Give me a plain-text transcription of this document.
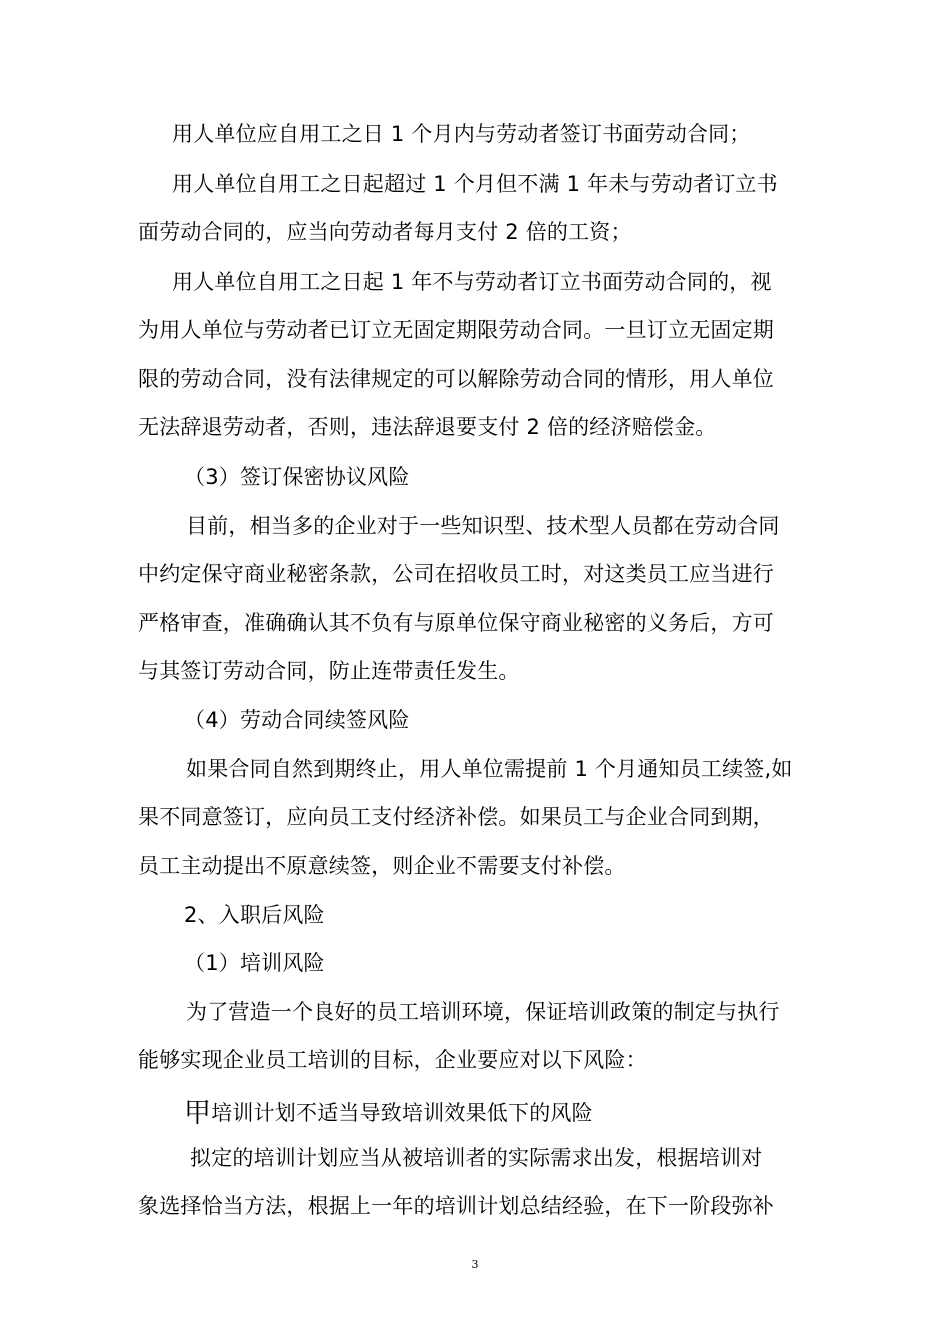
用人单位应自用工之日 1 个月内与劳动者签订书面劳动合同；
用人单位自用工之日起超过 1 个月但不满 1 年未与劳动者订立书
面劳动合同的，应当向劳动者每月支付 2 倍的工资；
用人单位自用工之日起 1 年不与劳动者订立书面劳动合同的，视
为用人单位与劳动者已订立无固定期限劳动合同。一旦订立无固定期
限的劳动合同，没有法律规定的可以解除劳动合同的情形，用人单位
无法辞退劳动者，否则，违法辞退要支付 2 倍的经济赔偿金。
（3）签订保密协议风险
目前，相当多的企业对于一些知识型、技术型人员都在劳动合同
中约定保守商业秘密条款，公司在招收员工时，对这类员工应当进行
严格审查，准确确认其不负有与原单位保守商业秘密的义务后，方可
与其签订劳动合同，防止连带责任发生。
（4）劳动合同续签风险
如果合同自然到期终止，用人单位需提前 1 个月通知员工续签,如
果不同意签订，应向员工支付经济补偿。如果员工与企业合同到期，
员工主动提出不原意续签，则企业不需要支付补偿。
2、入职后风险
（1）培训风险
为了营造一个良好的员工培训环境，保证培训政策的制定与执行
能够实现企业员工培训的目标，企业要应对以下风险：
甲培训计划不适当导致培训效果低下的风险
拟定的培训计划应当从被培训者的实际需求出发，根据培训对
象选择恰当方法，根据上一年的培训计划总结经验，在下一阶段弥补
3
